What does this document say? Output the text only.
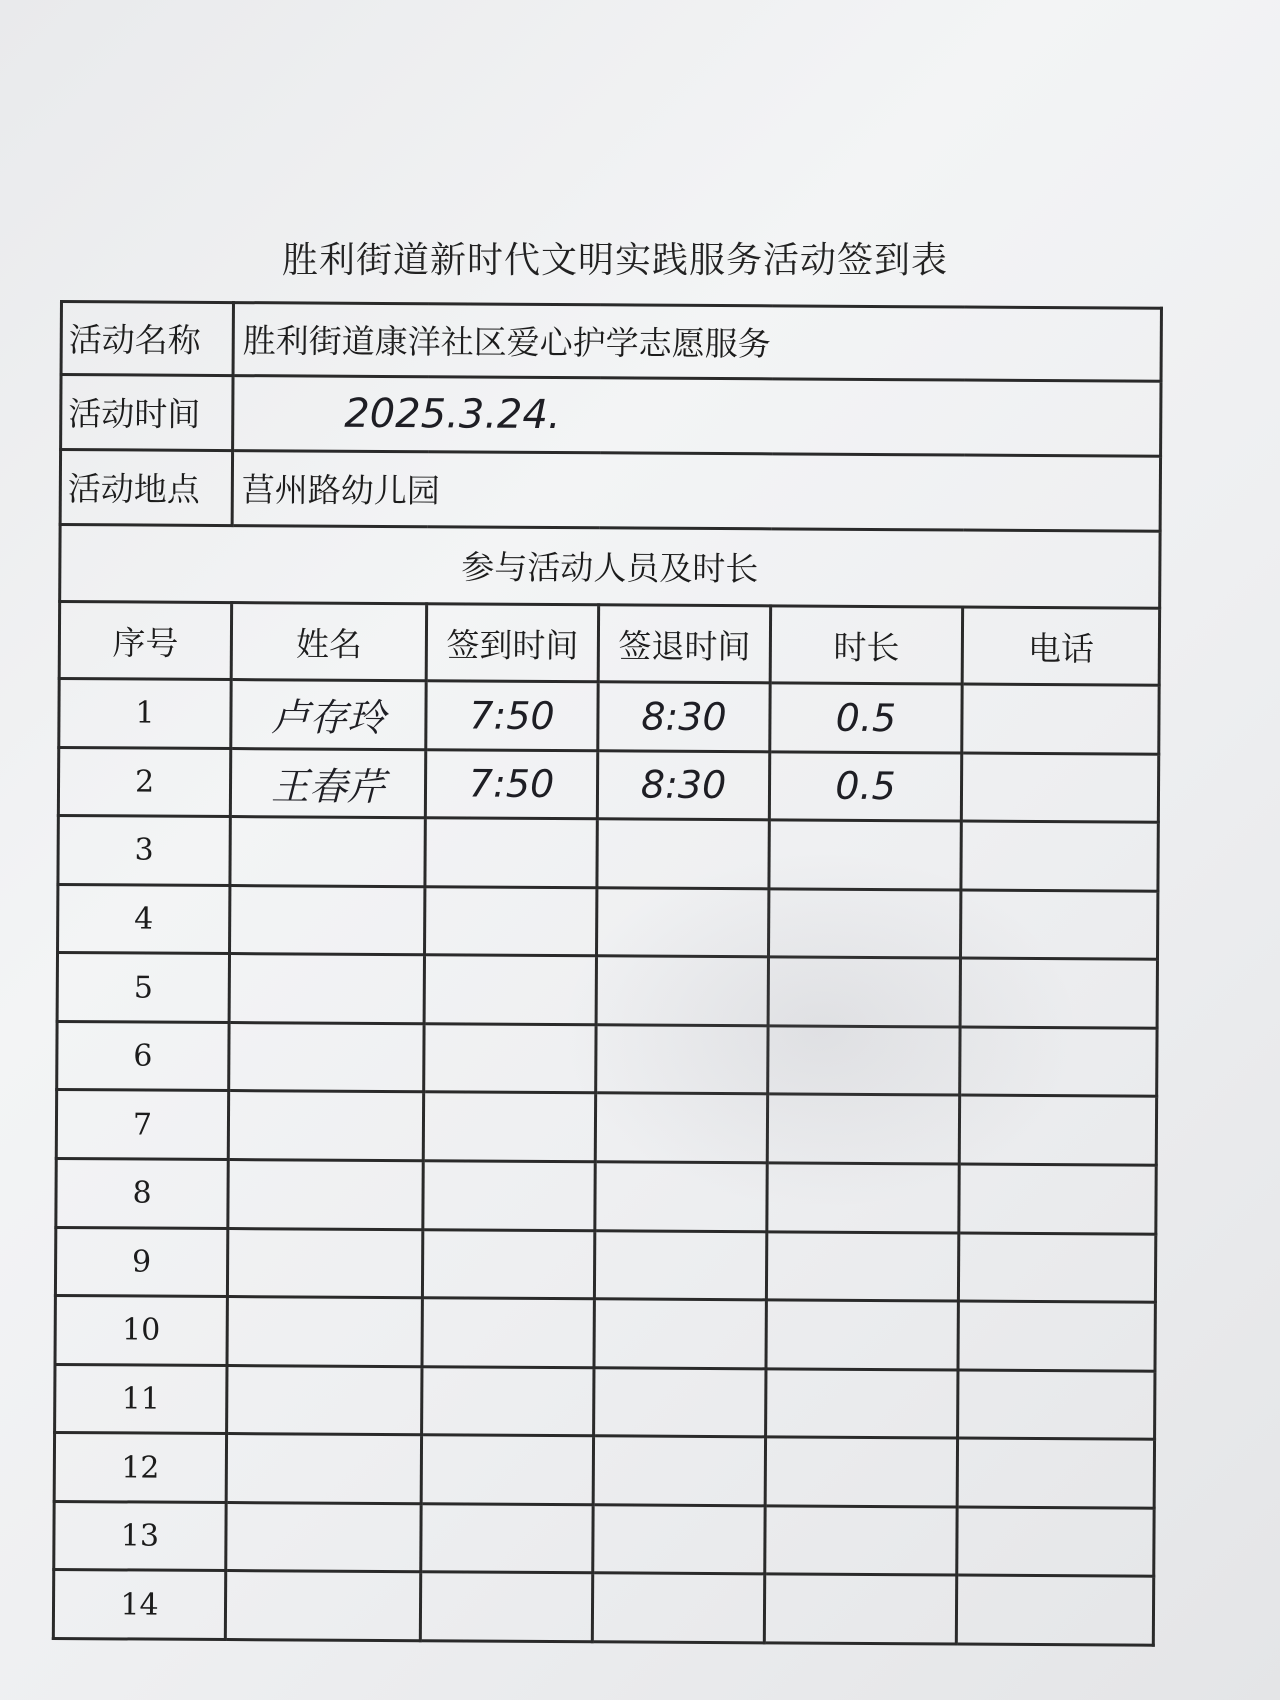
胜利街道新时代文明实践服务活动签到表
活动名称	胜利街道康洋社区爱心护学志愿服务				
活动时间	2025.3.24.				
活动地点	莒州路幼儿园				
参与活动人员及时长					
序号	姓名	签到时间	签退时间	时长	电话
1	卢存玲	7:50	8:30	0.5	
2	王春芹	7:50	8:30	0.5	
3					
4					
5					
6					
7					
8					
9					
10					
11					
12					
13					
14					
